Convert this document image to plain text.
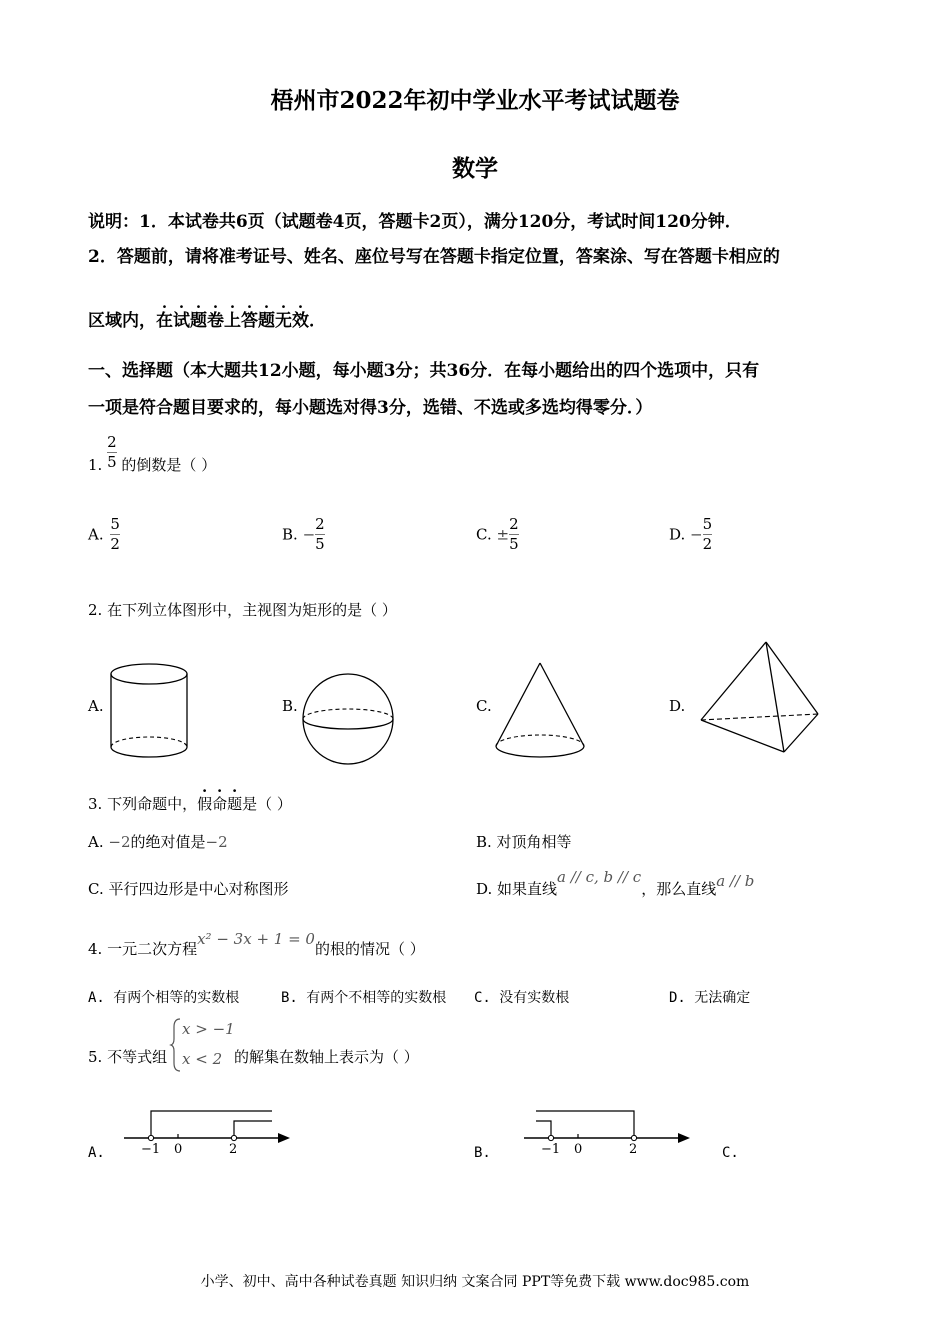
梧州市2022年初中学业水平考试试题卷
数学
说明：1．本试卷共6页（试题卷4页，答题卡2页），满分120分，考试时间120分钟．
2．答题前，请将准考证号、姓名、座位号写在答题卡指定位置，答案涂、写在答题卡相应的
区域内，在试题卷上答题无效．
一、选择题（本大题共12小题，每小题3分；共36分．在每小题给出的四个选项中，只有
一项是符合题目要求的，每小题选对得3分，选错、不选或多选均得零分．）
1. $\frac{2}{5}$ 的倒数是（ ）
A. $\frac{5}{2}$	B. − $\frac{2}{5}$	C. ± $\frac{2}{5}$	D. − $\frac{5}{2}$
2. 在下列立体图形中，主视图为矩形的是（ ）
A.	B.	C.	D.
3. 下列命题中，假命题是（ ）
A. −2的绝对值是−2	B. 对顶角相等
C. 平行四边形是中心对称图形	D. 如果直线a // c, b // c，那么直线a // b
4. 一元二次方程x² − 3x + 1 = 0的根的情况（ ）
A. 有两个相等的实数根	B. 有两个不相等的实数根 C. 没有实数根	D. 无法确定
5. 不等式组
x > −1
x < 2 的解集在数轴上表示为（ ）
A.	−1 0	2	B.	−1 0	2	C.
小学、初中、高中各种试卷真题 知识归纳 文案合同 PPT等免费下载 www.doc985.com
